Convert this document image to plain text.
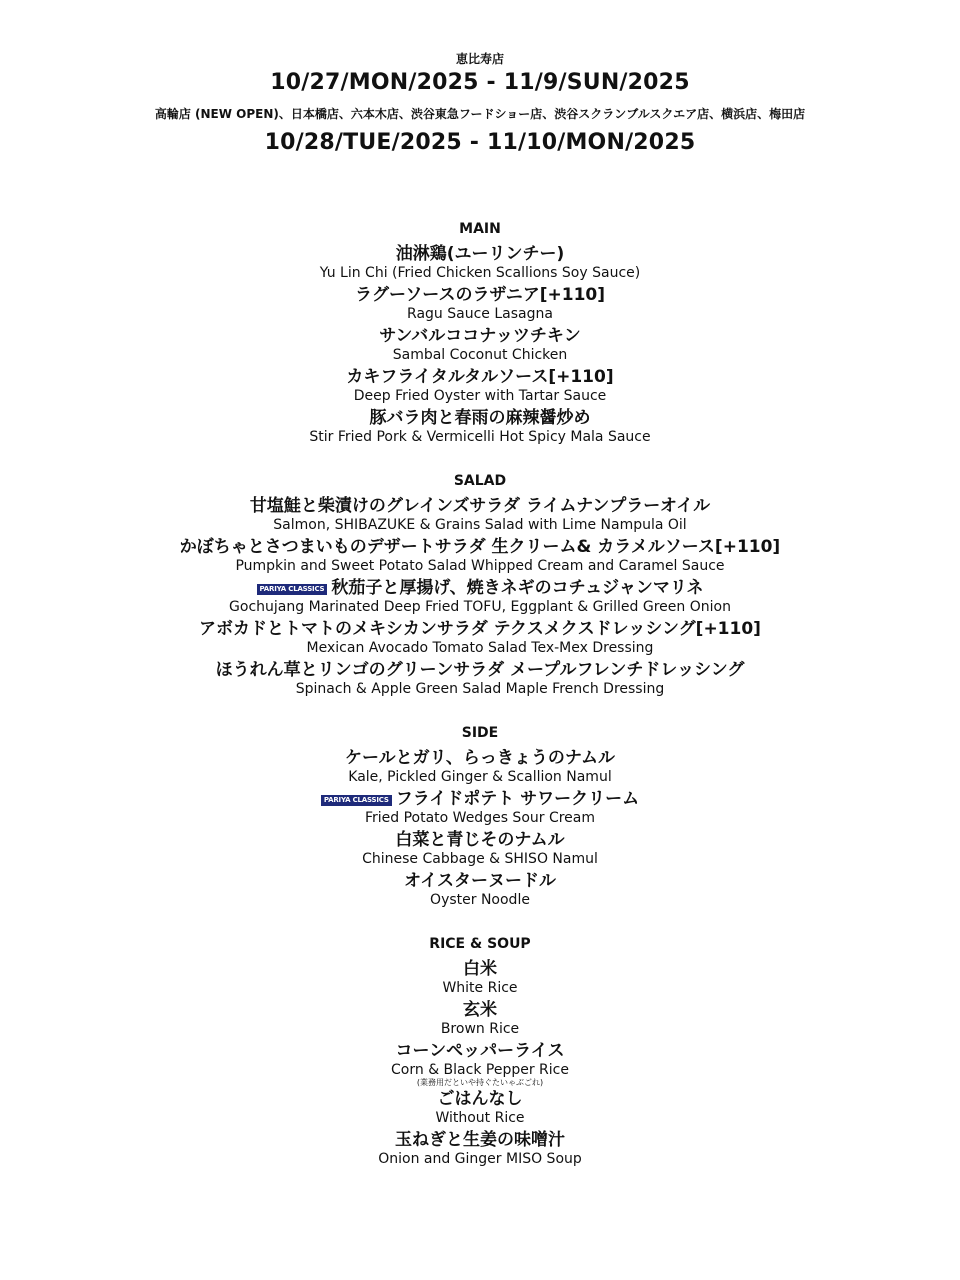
恵比寿店
10/27/MON/2025 - 11/9/SUN/2025
高輪店 (NEW OPEN)、日本橋店、六本木店、渋谷東急フードショー店、渋谷スクランブルスクエア店、横浜店、梅田店
10/28/TUE/2025 - 11/10/MON/2025
MAIN
油淋鶏(ユーリンチー)
Yu Lin Chi (Fried Chicken Scallions Soy Sauce)
ラグーソースのラザニア[+110]
Ragu Sauce Lasagna
サンバルココナッツチキン
Sambal Coconut Chicken
カキフライタルタルソース[+110]
Deep Fried Oyster with Tartar Sauce
豚バラ肉と春雨の麻辣醤炒め
Stir Fried Pork & Vermicelli Hot Spicy Mala Sauce
SALAD
甘塩鮭と柴漬けのグレインズサラダ ライムナンプラーオイル
Salmon, SHIBAZUKE & Grains Salad with Lime Nampula Oil
かぼちゃとさつまいものデザートサラダ 生クリーム& カラメルソース[+110]
Pumpkin and Sweet Potato Salad Whipped Cream and Caramel Sauce
PARIYA CLASSICS 秋茄子と厚揚げ、焼きネギのコチュジャンマリネ
Gochujang Marinated Deep Fried TOFU, Eggplant & Grilled Green Onion
アボカドとトマトのメキシカンサラダ テクスメクスドレッシング[+110]
Mexican Avocado Tomato Salad Tex-Mex Dressing
ほうれん草とリンゴのグリーンサラダ メープルフレンチドレッシング
Spinach & Apple Green Salad Maple French Dressing
SIDE
ケールとガリ、らっきょうのナムル
Kale, Pickled Ginger & Scallion Namul
PARIYA CLASSICS フライドポテト サワークリーム
Fried Potato Wedges Sour Cream
白菜と青じそのナムル
Chinese Cabbage & SHISO Namul
オイスターヌードル
Oyster Noodle
RICE & SOUP
白米
White Rice
玄米
Brown Rice
コーンペッパーライス
Corn & Black Pepper Rice
(業務用だといや持ぐたいゃぶごれ)
ごはんなし
Without Rice
玉ねぎと生姜の味噌汁
Onion and Ginger MISO Soup
